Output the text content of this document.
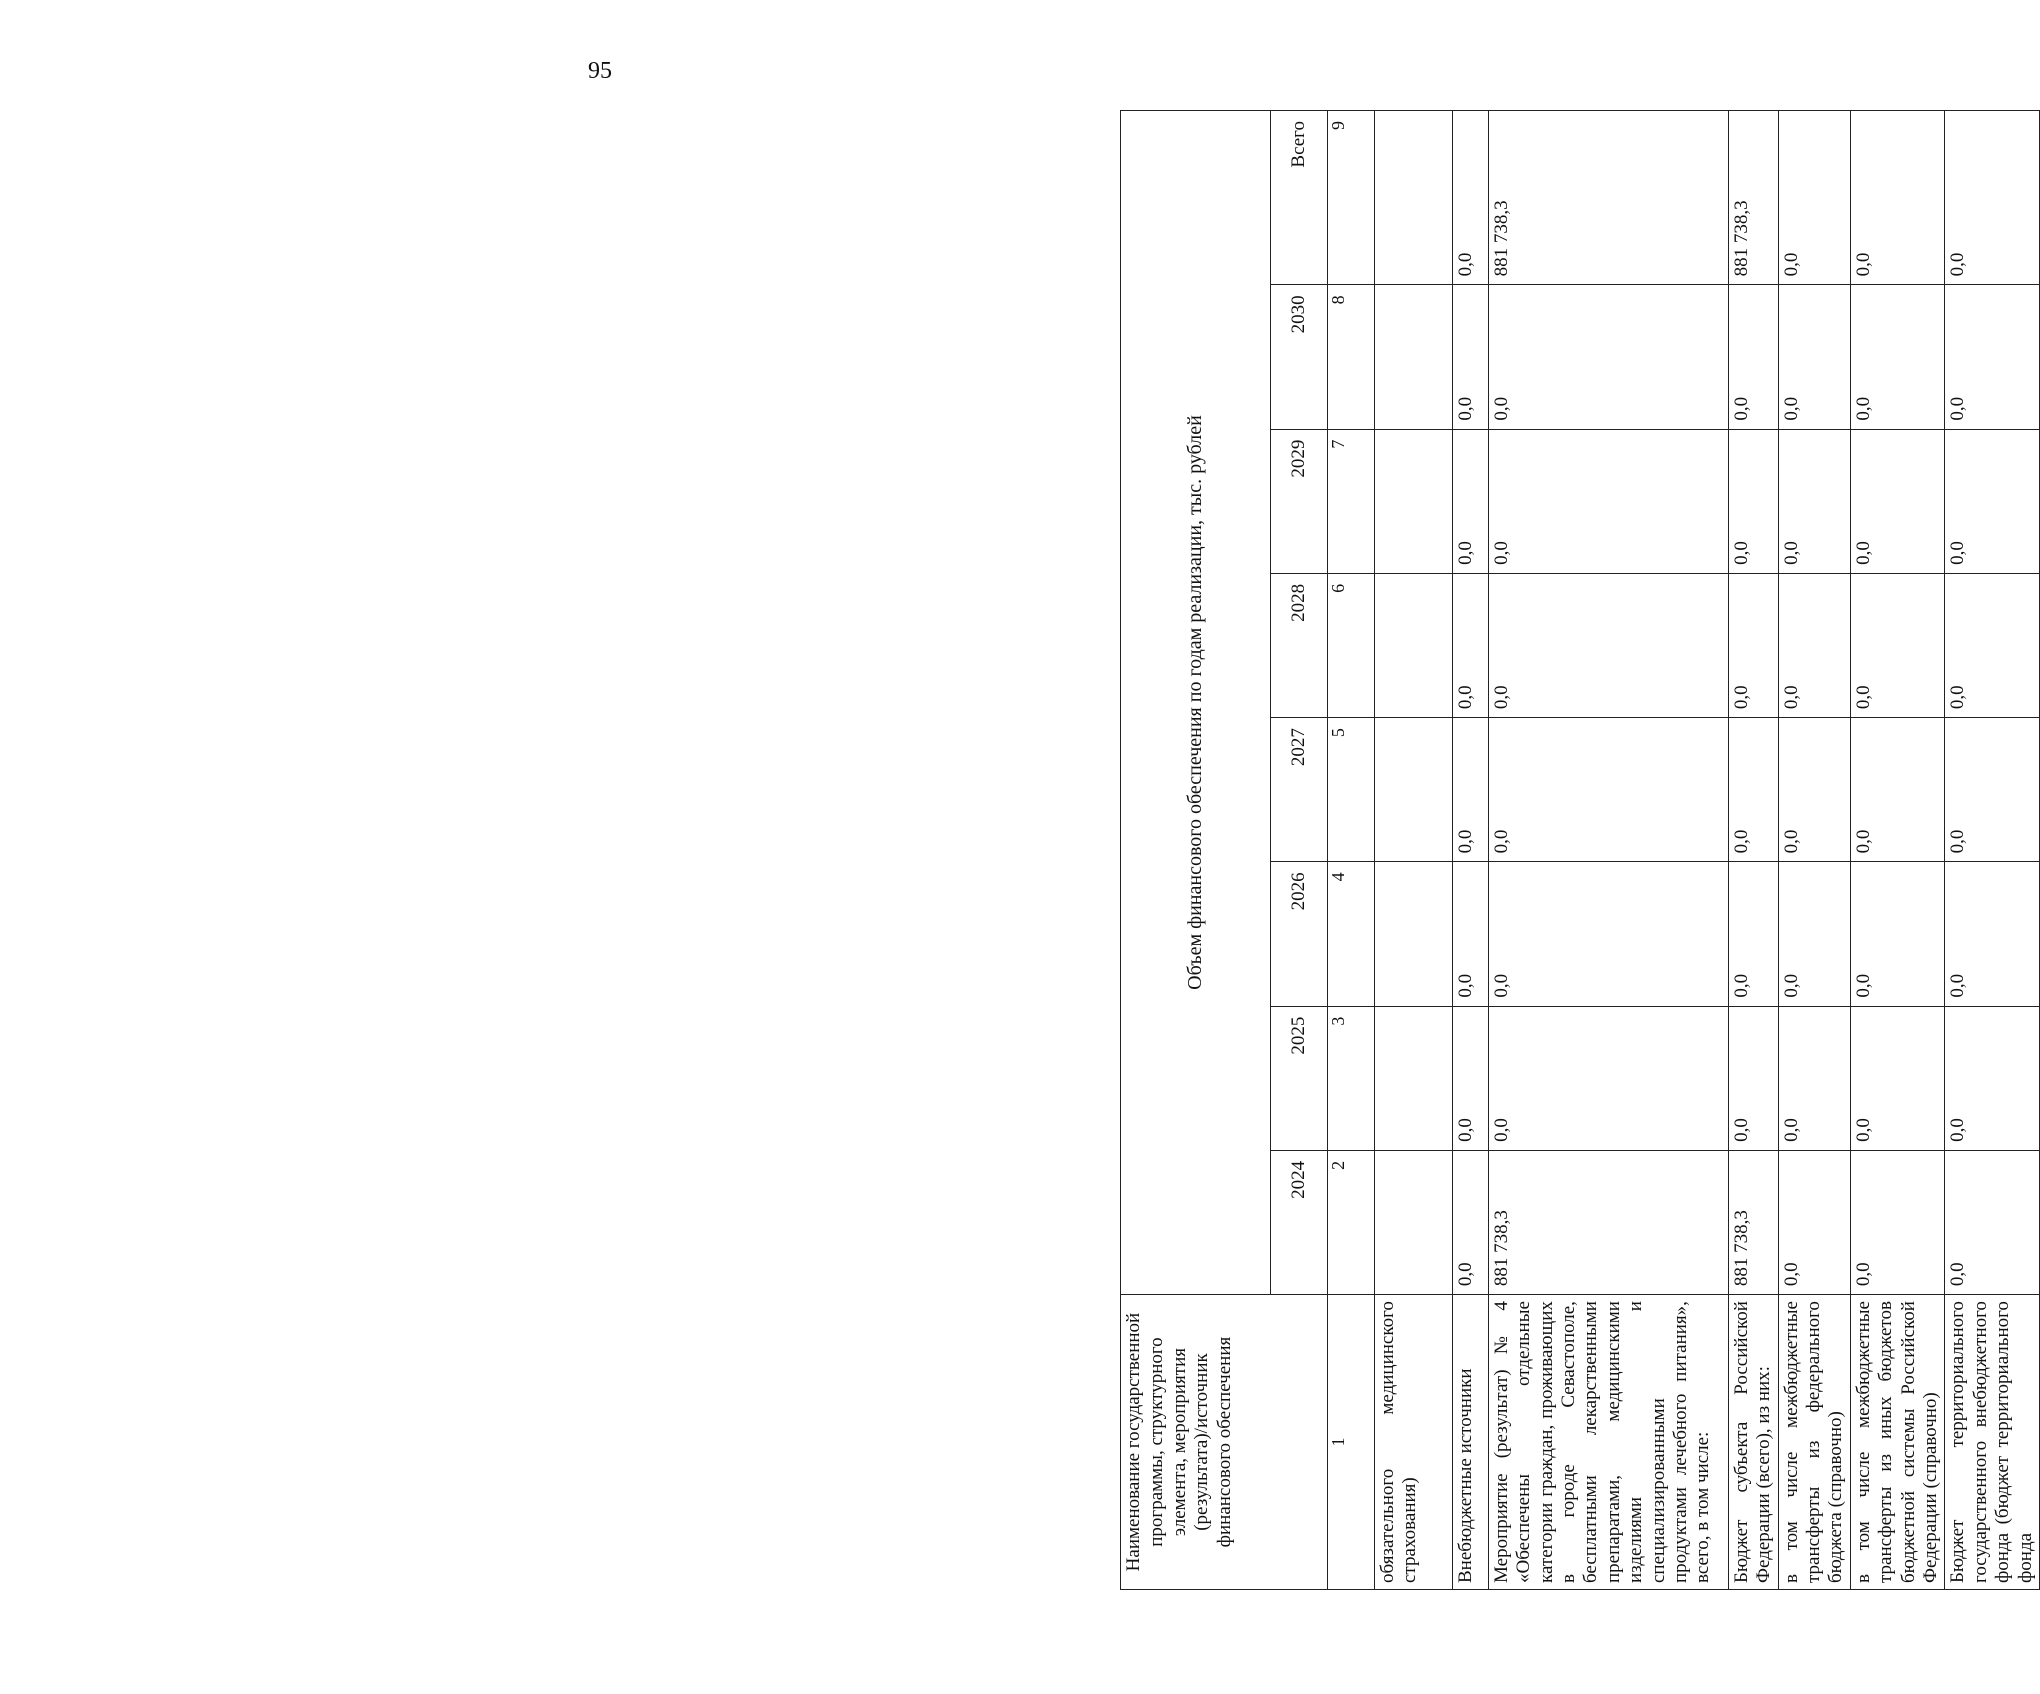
95
Наименование государственной программы, структурного элемента, мероприятия (результата)/источник финансового обеспечения	Объем финансового обеспечения по годам реализации, тыс. рублей							
	2024	2025	2026	2027	2028	2029	2030	Всего
1	2	3	4	5	6	7	8	9
обязательного медицинского страхования)								
Внебюджетные источники	0,0	0,0	0,0	0,0	0,0	0,0	0,0	0,0
Мероприятие (результат) № 4 «Обеспечены отдельные категории граждан, проживающих в городе Севастополе, бесплатными лекарственными препаратами, медицинскими изделиями и специализированными продуктами лечебного питания», всего, в том числе:	881 738,3	0,0	0,0	0,0	0,0	0,0	0,0	881 738,3
Бюджет субъекта Российской Федерации (всего), из них:	881 738,3	0,0	0,0	0,0	0,0	0,0	0,0	881 738,3
в том числе межбюджетные трансферты из федерального бюджета (справочно)	0,0	0,0	0,0	0,0	0,0	0,0	0,0	0,0
в том числе межбюджетные трансферты из иных бюджетов бюджетной системы Российской Федерации (справочно)	0,0	0,0	0,0	0,0	0,0	0,0	0,0	0,0
Бюджет территориального государственного внебюджетного фонда (бюджет территориального фонда	0,0	0,0	0,0	0,0	0,0	0,0	0,0	0,0
